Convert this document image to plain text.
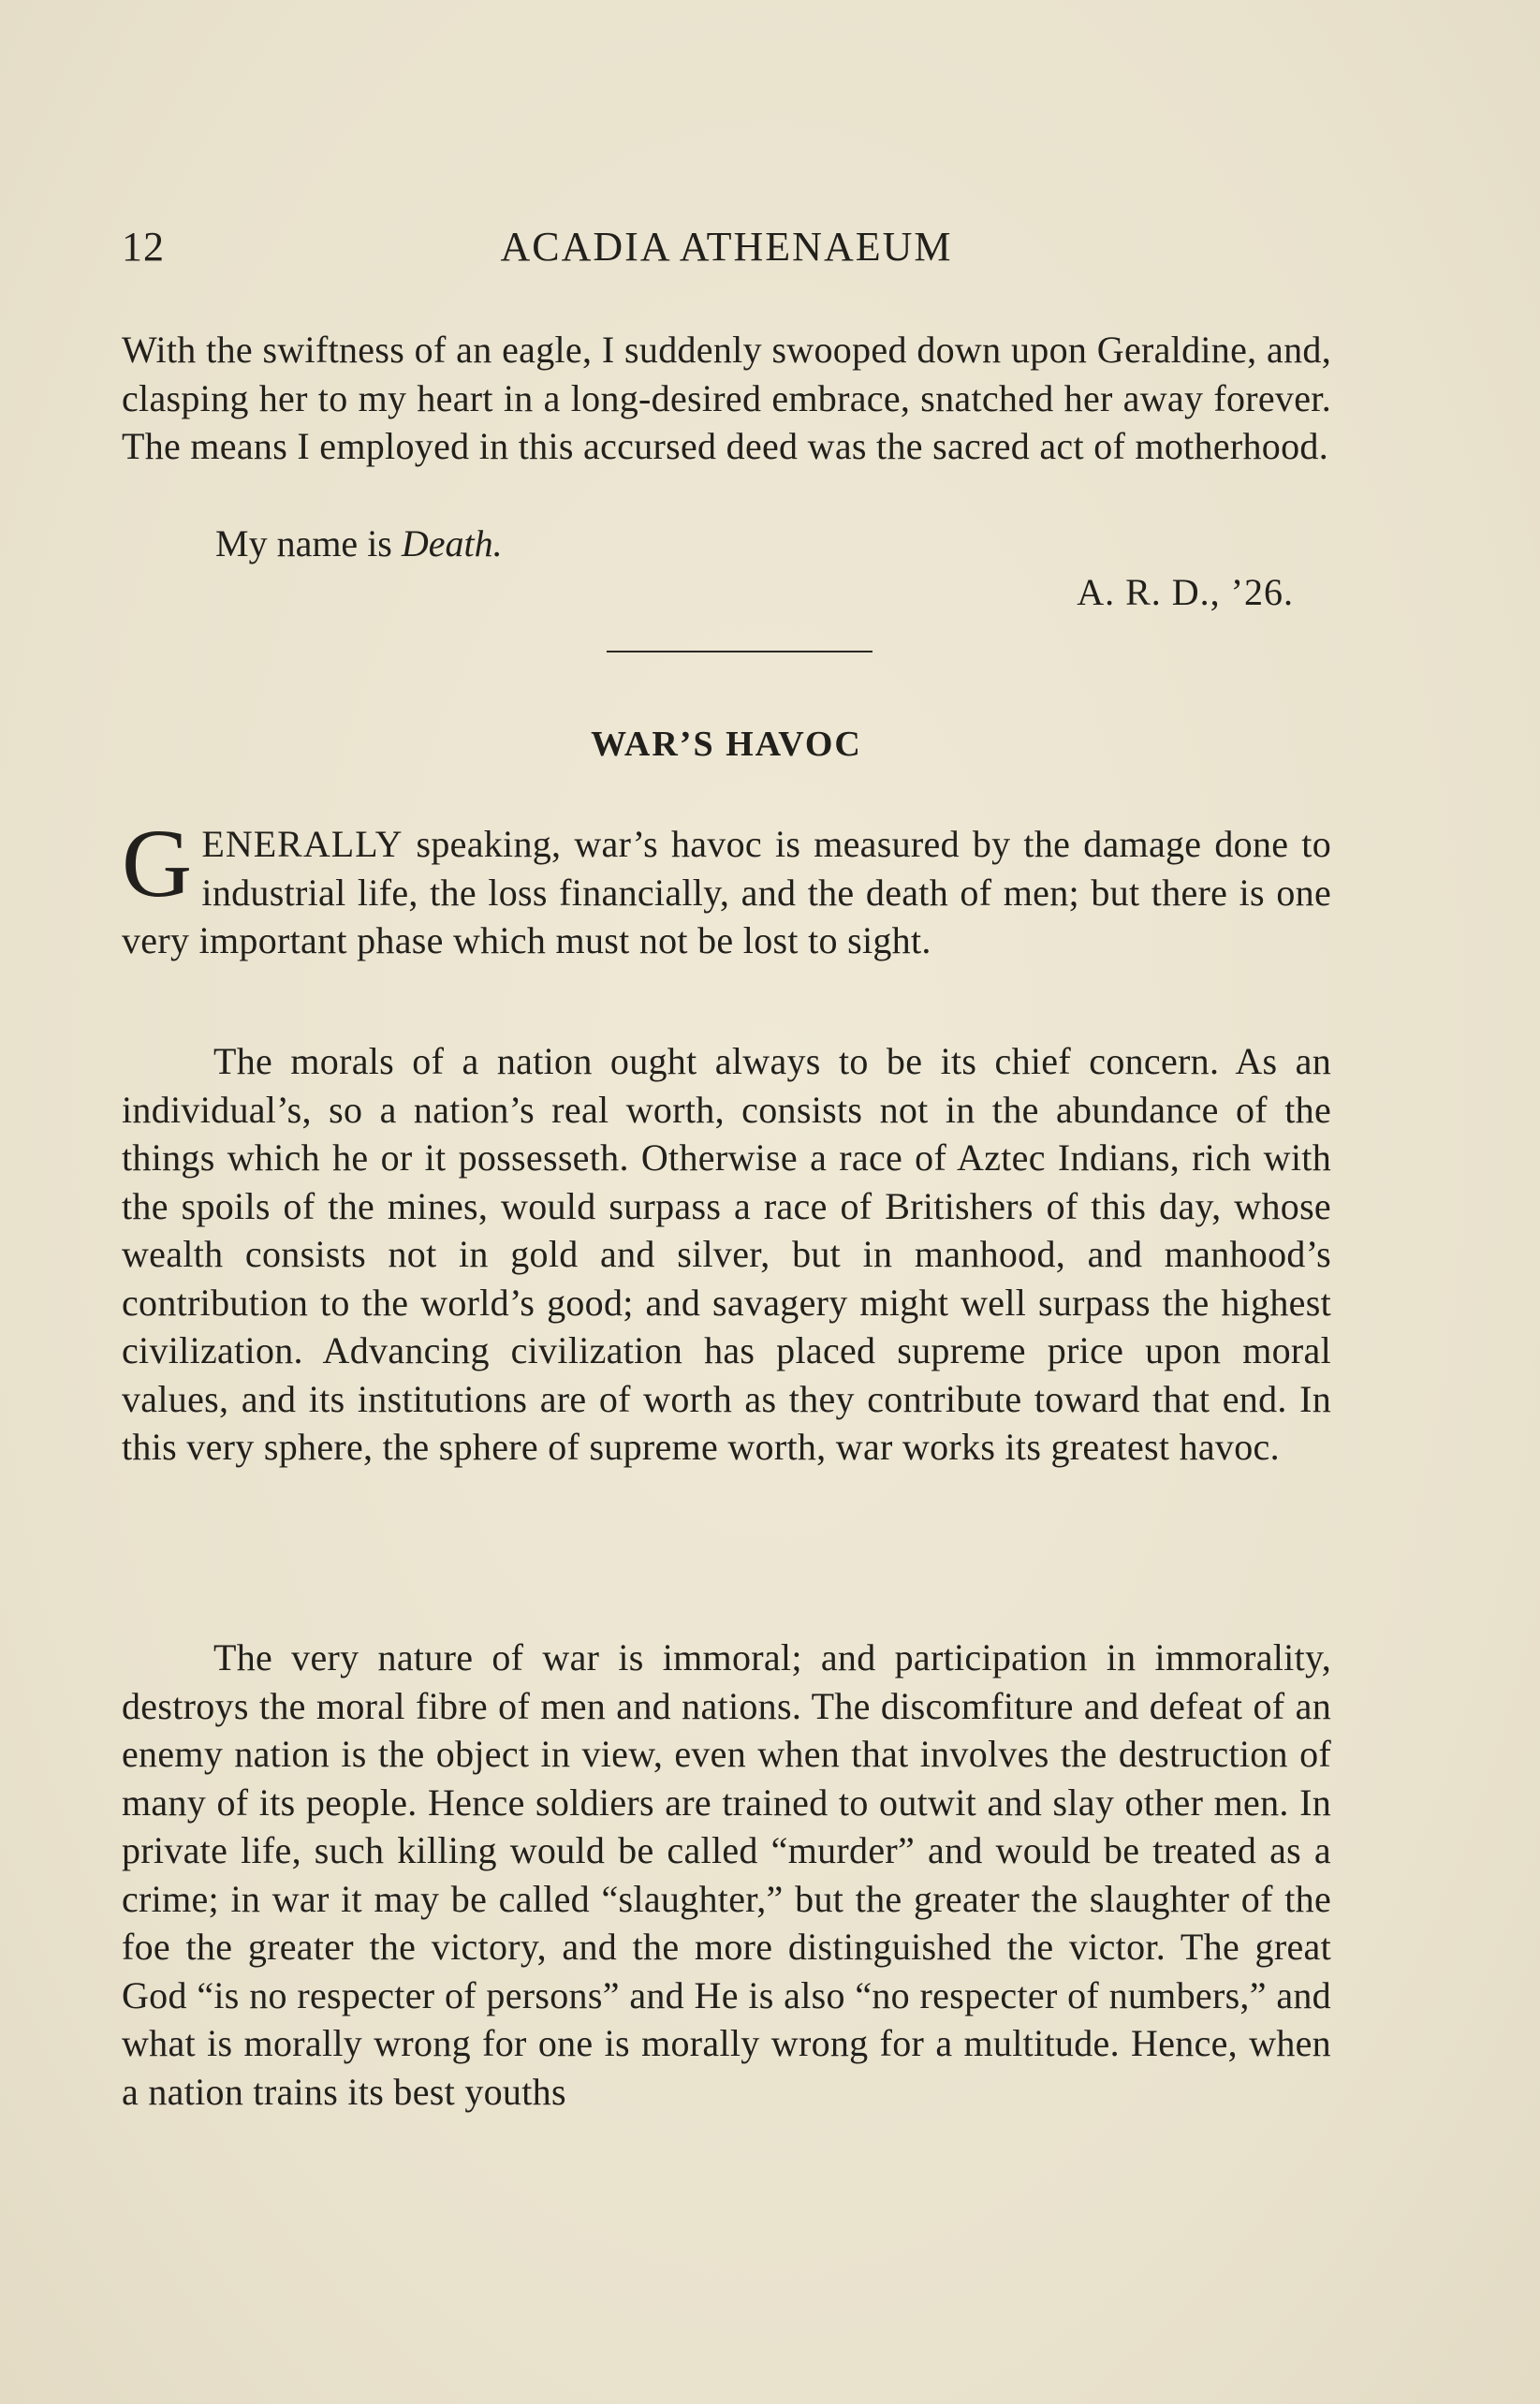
12	ACADIA ATHENAEUM

With the swiftness of an eagle, I suddenly swooped down upon Geraldine, and, clasping her to my heart in a long-desired embrace, snatched her away forever. The means I employed in this accursed deed was the sacred act of motherhood.

My name is Death.
A. R. D., ’26.
WAR’S HAVOC

GENERALLY speaking, war’s havoc is measured by the damage done to industrial life, the loss financially, and the death of men; but there is one very important phase which must not be lost to sight.

The morals of a nation ought always to be its chief concern. As an individual’s, so a nation’s real worth, consists not in the abundance of the things which he or it possesseth. Otherwise a race of Aztec Indians, rich with the spoils of the mines, would surpass a race of Britishers of this day, whose wealth consists not in gold and silver, but in manhood, and manhood’s contribution to the world’s good; and savagery might well surpass the highest civilization. Advancing civilization has placed supreme price upon moral values, and its institutions are of worth as they contribute toward that end. In this very sphere, the sphere of supreme worth, war works its greatest havoc.

The very nature of war is immoral; and participation in immorality, destroys the moral fibre of men and nations. The discomfiture and defeat of an enemy nation is the object in view, even when that involves the destruction of many of its people. Hence soldiers are trained to outwit and slay other men. In private life, such killing would be called “murder” and would be treated as a crime; in war it may be called “slaughter,” but the greater the slaughter of the foe the greater the victory, and the more distinguished the victor. The great God “is no respecter of persons” and He is also “no respecter of numbers,” and what is morally wrong for one is morally wrong for a multitude. Hence, when a nation trains its best youths
